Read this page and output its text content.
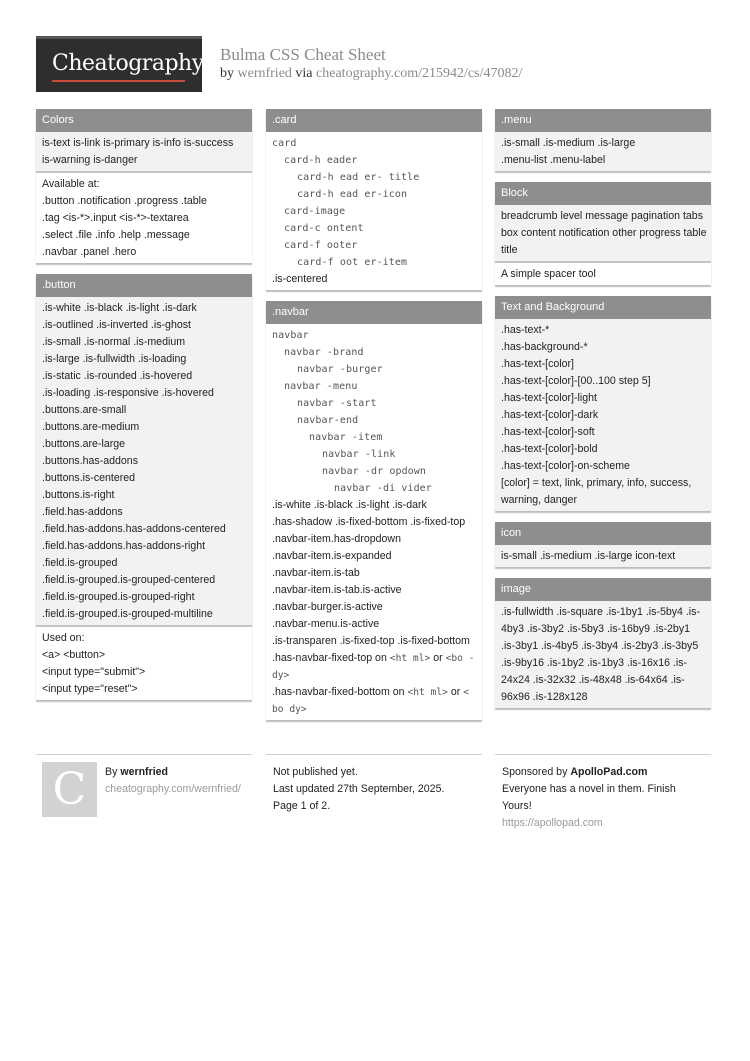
Cheatography Bulma CSS Cheat Sheet
by wernfried via cheatography.com/215942/cs/47082/
Colors
is-text is-link is-primary is-info is-success
is-warning is-danger
Available at:
.button .notification .progress .table
.tag <is-*>.input <is-*>-textarea
.select .file .info .help .message
.navbar .panel .hero
.button
.is-white .is-black .is-light .is-dark
.is-outlined .is-inverted .is-ghost
.is-small .is-normal .is-medium
.is-large .is-fullwidth .is-loading
.is-static .is-rounded .is-hovered
.is-loading .is-responsive .is-hovered
.buttons.are-small
.buttons.are-medium
.buttons.are-large
.buttons.has-addons
.buttons.is-centered
.buttons.is-right
.field.has-addons
.field.has-addons.has-addons-centered
.field.has-addons.has-addons-right
.field.is-grouped
.field.is-grouped.is-grouped-centered
.field.is-grouped.is-grouped-right
.field.is-grouped.is-grouped-multiline
Used on:
<a> <button>
<input type="submit">
<input type="reset">
.card
card
card-h eader
card-h ead er- title
card-h ead er-icon
card-image
card-c ontent
card-f ooter
card-f oot er-item
.is-centered
.navbar
navbar
navbar -brand
navbar -burger
navbar -menu
navbar -start
navbar-end
navbar -item
navbar -link
navbar -dr opdown
navbar -di vider
.is-white .is-black .is-light .is-dark
.has-shadow .is-fixed-bottom .is-fixed-top
.navbar-item.has-dropdown
.navbar-item.is-expanded
.navbar-item.is-tab
.navbar-item.is-tab.is-active
.navbar-burger.is-active
.navbar-menu.is-active
.is-transparen .is-fixed-top .is-fixed-bottom
.has-navbar-fixed-top on <ht ml> or <bo -
dy>
.has-navbar-fixed-bottom on <ht ml> or <
bo dy>
.menu
.is-small .is-medium .is-large
.menu-list .menu-label
Block
breadcrumb level message pagination tabs
box content notification other progress table
title
A simple spacer tool
Text and Background
.has-text-*
.has-background-*
.has-text-[color]
.has-text-[color]-[00..100 step 5]
.has-text-[color]-light
.has-text-[color]-dark
.has-text-[color]-soft
.has-text-[color]-bold
.has-text-[color]-on-scheme
[color] = text, link, primary, info, success,
warning, danger
icon
is-small .is-medium .is-large icon-text
image
.is-fullwidth .is-square .is-1by1 .is-5by4 .is-
4by3 .is-3by2 .is-5by3 .is-16by9 .is-2by1
.is-3by1 .is-4by5 .is-3by4 .is-2by3 .is-3by5
.is-9by16 .is-1by2 .is-1by3 .is-16x16 .is-
24x24 .is-32x32 .is-48x48 .is-64x64 .is-
96x96 .is-128x128
C	By wernfried
cheatography.com/wernfried/
Not published yet.
Last updated 27th September, 2025.
Page 1 of 2.
Sponsored by ApolloPad.com
Everyone has a novel in them. Finish
Yours!
https://apollopad.com
